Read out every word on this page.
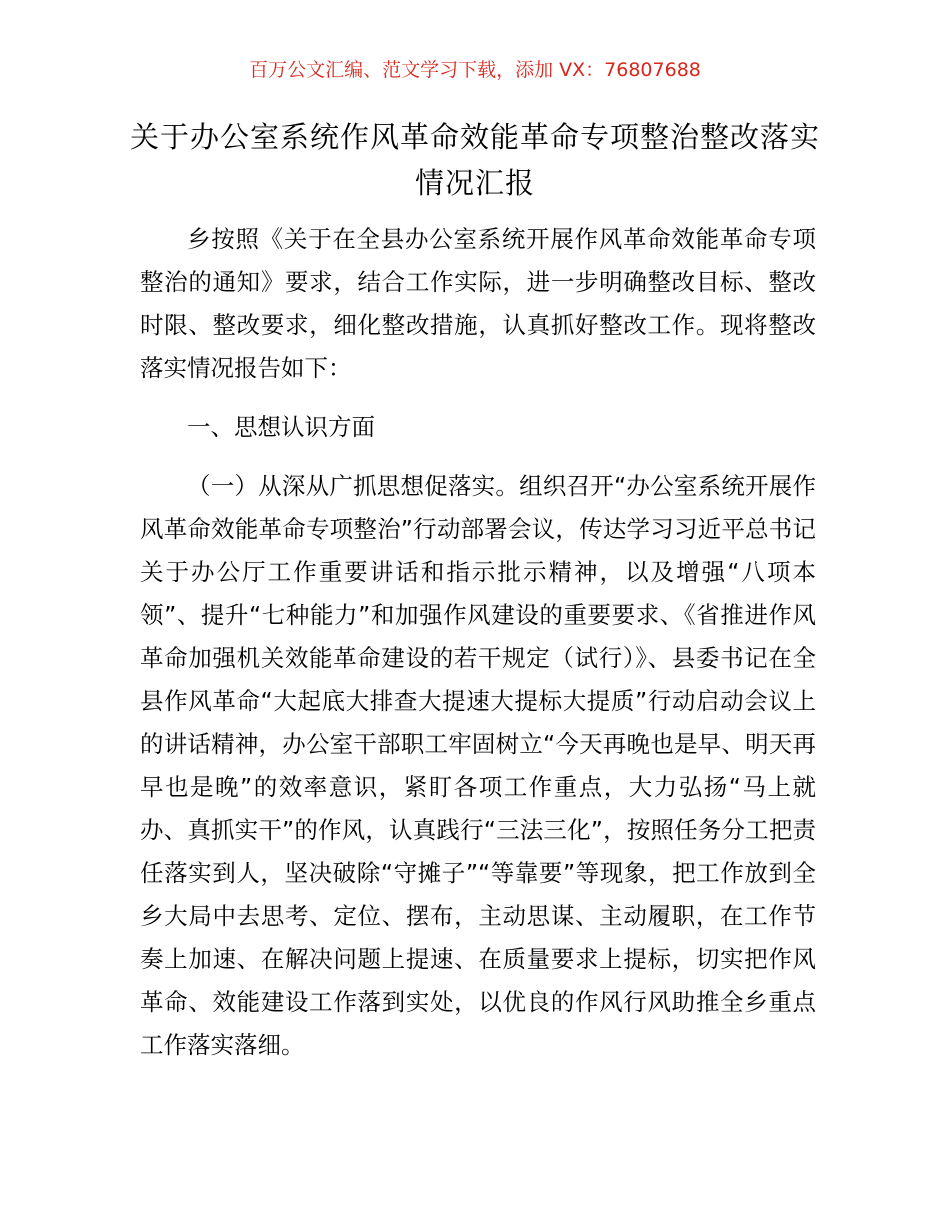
百万公文汇编、范文学习下载，添加 VX：76807688
关于办公室系统作风革命效能革命专项整治整改落实情况汇报

乡按照《关于在全县办公室系统开展作风革命效能革命专项整治的通知》要求，结合工作实际，进一步明确整改目标、整改时限、整改要求，细化整改措施，认真抓好整改工作。现将整改落实情况报告如下：

一、思想认识方面

（一）从深从广抓思想促落实。组织召开“办公室系统开展作风革命效能革命专项整治”行动部署会议，传达学习习近平总书记关于办公厅工作重要讲话和指示批示精神，以及增强“八项本领”、提升“七种能力”和加强作风建设的重要要求、《省推进作风革命加强机关效能革命建设的若干规定（试行）》、县委书记在全县作风革命“大起底大排查大提速大提标大提质”行动启动会议上的讲话精神，办公室干部职工牢固树立“今天再晚也是早、明天再早也是晚”的效率意识，紧盯各项工作重点，大力弘扬“马上就办、真抓实干”的作风，认真践行“三法三化”，按照任务分工把责任落实到人，坚决破除“守摊子”“等靠要”等现象，把工作放到全乡大局中去思考、定位、摆布，主动思谋、主动履职，在工作节奏上加速、在解决问题上提速、在质量要求上提标，切实把作风革命、效能建设工作落到实处，以优良的作风行风助推全乡重点工作落实落细。
